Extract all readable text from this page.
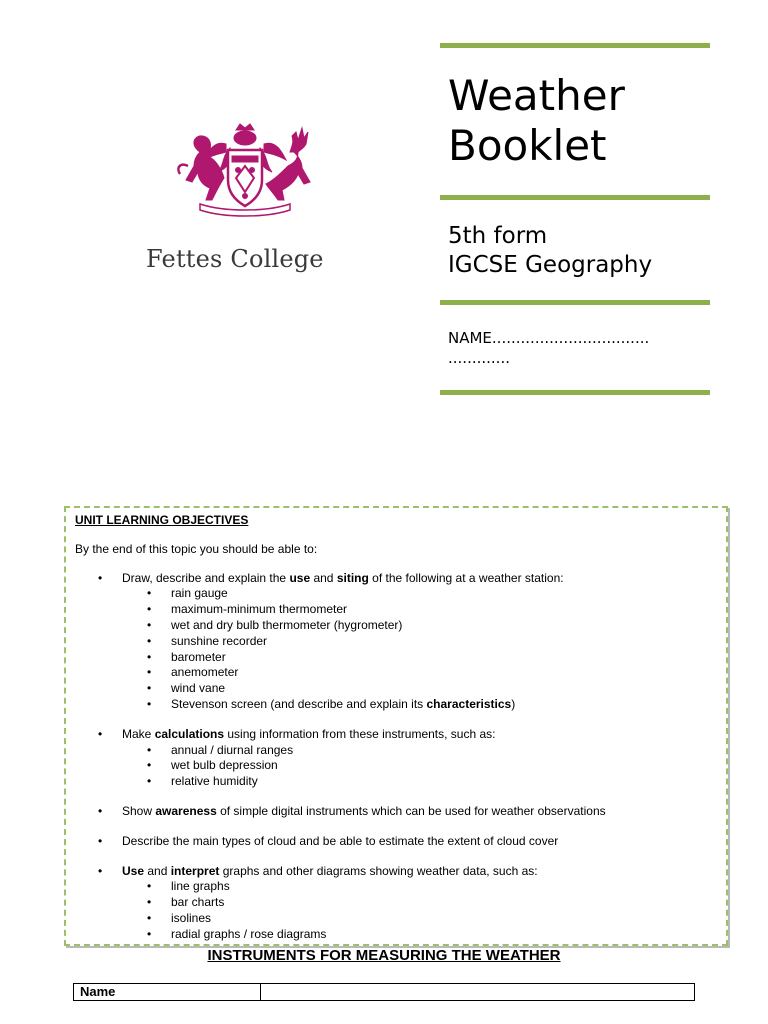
Fettes College
Weather
Booklet
5th form
IGCSE Geography
NAME.................................
.............

UNIT LEARNING OBJECTIVES

By the end of this topic you should be able to:

• Draw, describe and explain the use and siting of the following at a weather station:
• rain gauge
• maximum-minimum thermometer
• wet and dry bulb thermometer (hygrometer)
• sunshine recorder
• barometer
• anemometer
• wind vane
• Stevenson screen (and describe and explain its characteristics)
• Make calculations using information from these instruments, such as:
• annual / diurnal ranges
• wet bulb depression
• relative humidity
• Show awareness of simple digital instruments which can be used for weather observations
• Describe the main types of cloud and be able to estimate the extent of cloud cover
• Use and interpret graphs and other diagrams showing weather data, such as:
• line graphs
• bar charts
• isolines
• radial graphs / rose diagrams
INSTRUMENTS FOR MEASURING THE WEATHER
Name
